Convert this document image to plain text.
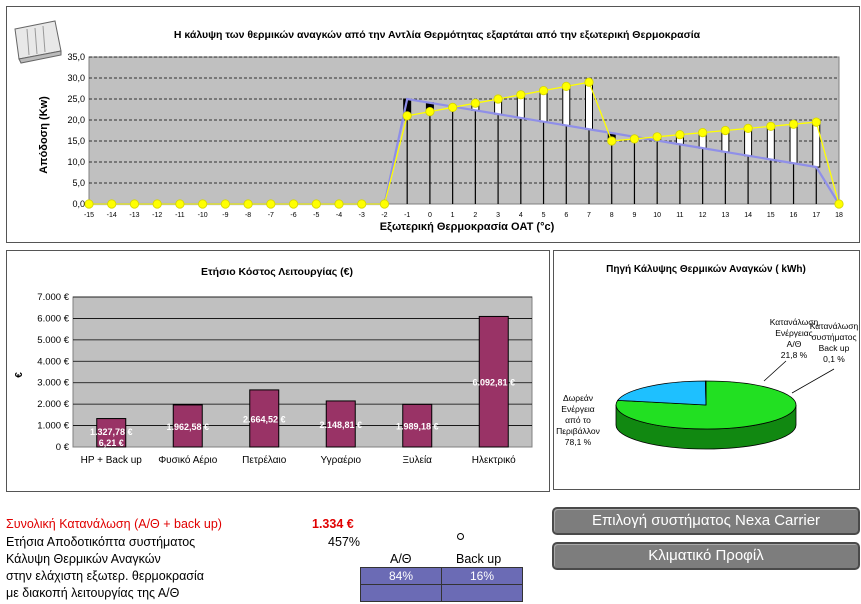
Η κάλυψη των θερμικών αναγκών από την Αντλία Θερμότητας εξαρτάται από την εξωτερική Θερμοκρασία
Απόδοση (Kw)
Εξωτερική Θερμοκρασία OAT (°c)
0,0
5,0
10,0
15,0
20,0
25,0
30,0
35,0
-15 -14 -13 -12 -11 -10 -9 -8 -7 -6 -5 -4 -3 -2 -1	0	1	2	3	4	5	6	7	8	9 10 11 12 13 14 15 16 17 18
Ετήσιο Κόστος Λειτουργίας (€)
€
0 €
1.000 €
2.000 €
3.000 €
4.000 €
5.000 €
6.000 €
7.000 €
HP + Back up
1.327,78 €
Φυσικό Αέριο
1.962,58 €
Πετρέλαιο
2.664,52 €
Υγραέριο
2.148,81 €
Ξυλεία
1.989,18 €
Ηλεκτρικό
6.092,81 €
6,21 €
Πηγή Κάλυψης Θερμικών Αναγκών ( kWh)
Δωρεάν
Ενέργεια
από το
Περιβάλλον
78,1 %
Κατανάλωση
Ενέργειας
Α/Θ
21,8 %
Κατανάλωση
συστήματος
Back up
0,1 %
Συνολική Κατανάλωση (Α/Θ + back up)	1.334 €
Ετήσια Αποδοτικόπτα συστήματος	457%
Κάλυψη Θερμικών Αναγκών	Α/Θ	Back up
στην ελάχιστη εξωτερ. θερμοκρασία
με διακοπή λειτουργίας της Α/Θ
84%	16%
Επιλογή συστήματος Nexa Carrier
Κλιματικό Προφίλ
